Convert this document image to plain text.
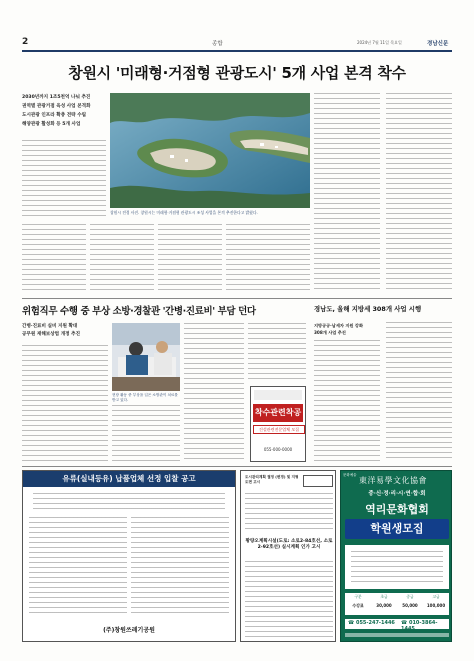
2	종합	2024년 7월 11일 목요일	경남신문
창원시 '미래형·거점형 관광도시' 5개 사업 본격 착수
2030년까지 1조5천억 나눠 추진
권역별 관광거점 육성 사업 본격화
도시관광 인프라 확충 전략 수립
해양관광 활성화 등 5개 사업
창원시 전경 사진. 창원시는 미래형·거점형 관광도시 조성 사업을 본격 추진한다고 밝혔다.
위험직무 수행 중 부상 소방·경찰관 '간병·진료비' 부담 던다
간병·진료비 실비 지원 확대
공무원 재해보상법 개정 추진
현장 활동 중 부상을 입은 소방관이 치료를 받고 있다.
착수관련착공
건설관련전문업체 모집
055-000-0000
경남도, 올해 지방세 308개 사업 시행
지방공공·납세자 지원 강화
308개 사업 추진
유류(실내등유) 납품업체 선정 입찰 공고
(주)창원쓰레기공원
도시관리계획 결정 (변경) 및 지형도면 고시
황량오계획시설(도로: 소로2-84호선, 소로2-92호선) 실시계획 인가 고시
문화예술
東洋易學文化協會
중·신·정·리·시·연·합·회
역리문화협회
학원생모집
구분	초급	중급	고급
수강료	30,000	50,000	100,000
☎ 055-247-1446 ☎ 010-3864-1445
